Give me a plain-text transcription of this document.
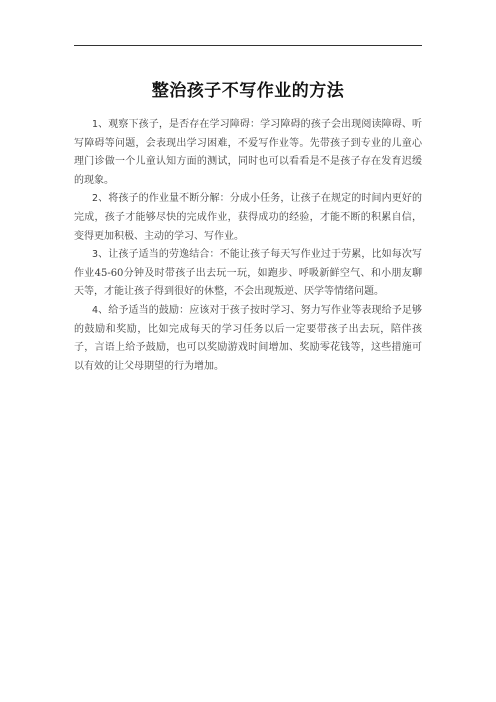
整治孩子不写作业的方法

1、观察下孩子，是否存在学习障碍：学习障碍的孩子会出现阅读障碍、听写障碍等问题，会表现出学习困难，不爱写作业等。先带孩子到专业的儿童心理门诊做一个儿童认知方面的测试，同时也可以看看是不是孩子存在发育迟缓的现象。

2、将孩子的作业量不断分解：分成小任务，让孩子在规定的时间内更好的完成，孩子才能够尽快的完成作业，获得成功的经验，才能不断的积累自信，变得更加积极、主动的学习、写作业。

3、让孩子适当的劳逸结合：不能让孩子每天写作业过于劳累，比如每次写作业45-60分钟及时带孩子出去玩一玩，如跑步、呼吸新鲜空气、和小朋友聊天等，才能让孩子得到很好的休整，不会出现叛逆、厌学等情绪问题。

4、给予适当的鼓励：应该对于孩子按时学习、努力写作业等表现给予足够的鼓励和奖励，比如完成每天的学习任务以后一定要带孩子出去玩，陪伴孩子，言语上给予鼓励，也可以奖励游戏时间增加、奖励零花钱等，这些措施可以有效的让父母期望的行为增加。
